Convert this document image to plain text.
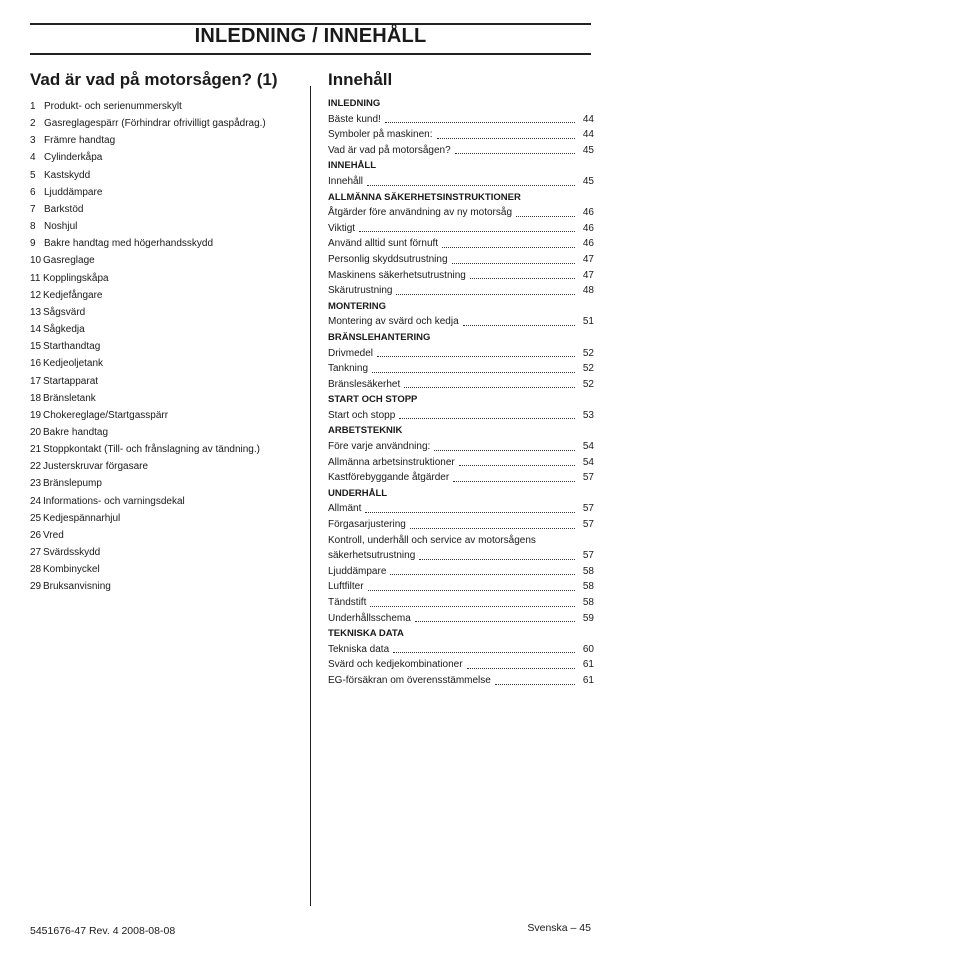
INLEDNING / INNEHÅLL
Vad är vad på motorsågen? (1)
1 Produkt- och serienummerskylt
2 Gasreglagespärr (Förhindrar ofrivilligt gaspådrag.)
3 Främre handtag
4 Cylinderkåpa
5 Kastskydd
6 Ljuddämpare
7 Barkstöd
8 Noshjul
9 Bakre handtag med högerhandsskydd
10 Gasreglage
11 Kopplingskåpa
12 Kedjefångare
13 Sågsvärd
14 Sågkedja
15 Starthandtag
16 Kedjeoljetank
17 Startapparat
18 Bränsletank
19 Chokereglage/Startgasspärr
20 Bakre handtag
21 Stoppkontakt (Till- och frånslagning av tändning.)
22 Justerskruvar förgasare
23 Bränslepump
24 Informations- och varningsdekal
25 Kedjespännarhjul
26 Vred
27 Svärdsskydd
28 Kombinyckel
29 Bruksanvisning
Innehåll
INLEDNING
Bäste kund!	44
Symboler på maskinen:	44
Vad är vad på motorsågen?	45
INNEHÅLL
Innehåll	45
ALLMÄNNA SÄKERHETSINSTRUKTIONER
Åtgärder före användning av ny motorsåg	46
Viktigt	46
Använd alltid sunt förnuft	46
Personlig skyddsutrustning	47
Maskinens säkerhetsutrustning	47
Skärutrustning	48
MONTERING
Montering av svärd och kedja	51
BRÄNSLEHANTERING
Drivmedel	52
Tankning	52
Bränslesäkerhet	52
START OCH STOPP
Start och stopp	53
ARBETSTEKNIK
Före varje användning:	54
Allmänna arbetsinstruktioner	54
Kastförebyggande åtgärder	57
UNDERHÅLL
Allmänt	57
Förgasarjustering	57
Kontroll, underhåll och service av motorsågens
säkerhetsutrustning	57
Ljuddämpare	58
Luftfilter	58
Tändstift	58
Underhållsschema	59
TEKNISKA DATA
Tekniska data	60
Svärd och kedjekombinationer	61
EG-försäkran om överensstämmelse	61
5451676-47 Rev. 4 2008-08-08	Svenska – 45
